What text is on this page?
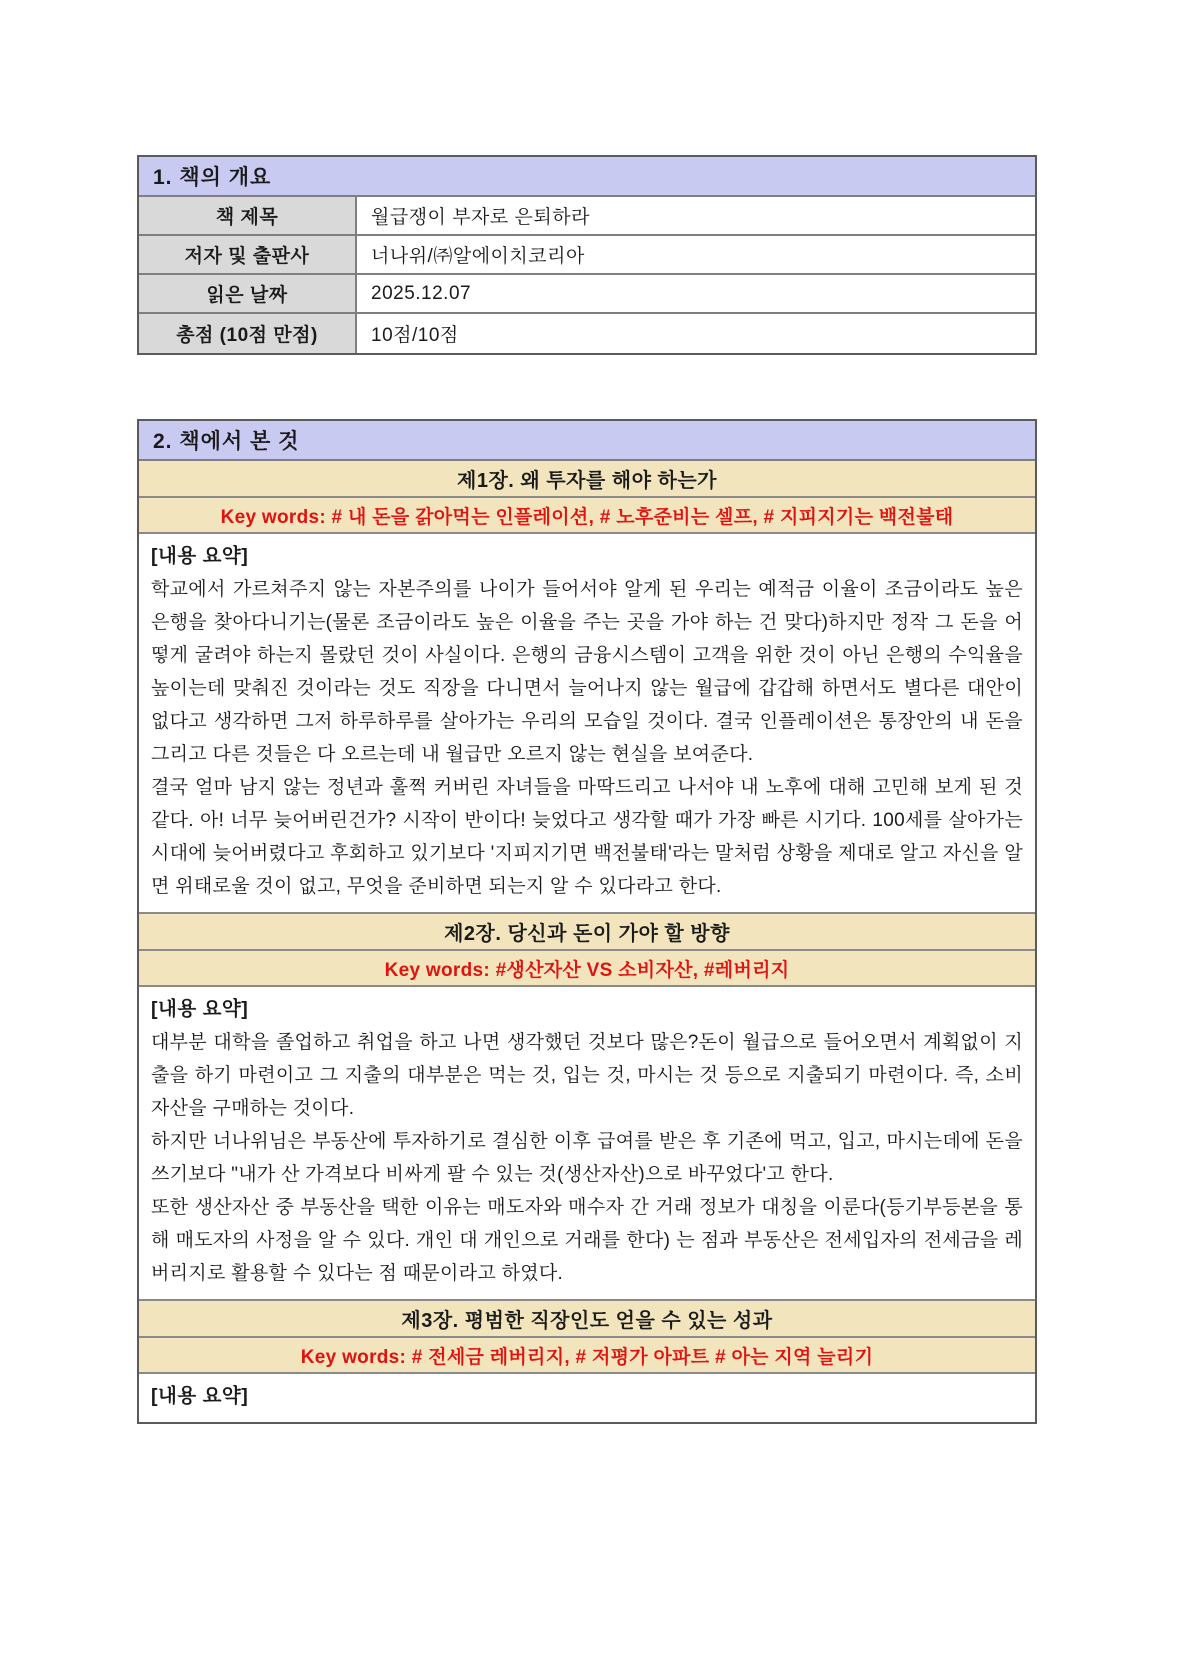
1. 책의 개요
책 제목	월급쟁이 부자로 은퇴하라
저자 및 출판사	너나위/㈜알에이치코리아
읽은 날짜	2025.12.07
총점 (10점 만점)	10점/10점
2. 책에서 본 것
제1장. 왜 투자를 해야 하는가
Key words: # 내 돈을 갉아먹는 인플레이션, # 노후준비는 셀프, # 지피지기는 백전불태
[내용 요약]

학교에서 가르쳐주지 않는 자본주의를 나이가 들어서야 알게 된 우리는 예적금 이율이 조금이라도 높은 은행을 찾아다니기는(물론 조금이라도 높은 이율을 주는 곳을 가야 하는 건 맞다)하지만 정작 그 돈을 어떻게 굴려야 하는지 몰랐던 것이 사실이다. 은행의 금융시스템이 고객을 위한 것이 아닌 은행의 수익율을 높이는데 맞춰진 것이라는 것도 직장을 다니면서 늘어나지 않는 월급에 갑갑해 하면서도 별다른 대안이 없다고 생각하면 그저 하루하루를 살아가는 우리의 모습일 것이다. 결국 인플레이션은 통장안의 내 돈을 그리고 다른 것들은 다 오르는데 내 월급만 오르지 않는 현실을 보여준다.

결국 얼마 남지 않는 정년과 훌쩍 커버린 자녀들을 마딱드리고 나서야 내 노후에 대해 고민해 보게 된 것 같다. 아! 너무 늦어버린건가? 시작이 반이다! 늦었다고 생각할 때가 가장 빠른 시기다. 100세를 살아가는 시대에 늦어버렸다고 후회하고 있기보다 '지피지기면 백전불태'라는 말처럼 상황을 제대로 알고 자신을 알면 위태로울 것이 없고, 무엇을 준비하면 되는지 알 수 있다라고 한다.

제2장. 당신과 돈이 가야 할 방향
Key words: #생산자산 VS 소비자산, #레버리지
[내용 요약]

대부분 대학을 졸업하고 취업을 하고 나면 생각했던 것보다 많은?돈이 월급으로 들어오면서 계획없이 지출을 하기 마련이고 그 지출의 대부분은 먹는 것, 입는 것, 마시는 것 등으로 지출되기 마련이다. 즉, 소비자산을 구매하는 것이다.

하지만 너나위님은 부동산에 투자하기로 결심한 이후 급여를 받은 후 기존에 먹고, 입고, 마시는데에 돈을 쓰기보다 "내가 산 가격보다 비싸게 팔 수 있는 것(생산자산)으로 바꾸었다'고 한다.

또한 생산자산 중 부동산을 택한 이유는 매도자와 매수자 간 거래 정보가 대칭을 이룬다(등기부등본을 통해 매도자의 사정을 알 수 있다. 개인 대 개인으로 거래를 한다) 는 점과 부동산은 전세입자의 전세금을 레버리지로 활용할 수 있다는 점 때문이라고 하였다.

제3장. 평범한 직장인도 얻을 수 있는 성과
Key words: # 전세금 레버리지, # 저평가 아파트 # 아는 지역 늘리기
[내용 요약]
